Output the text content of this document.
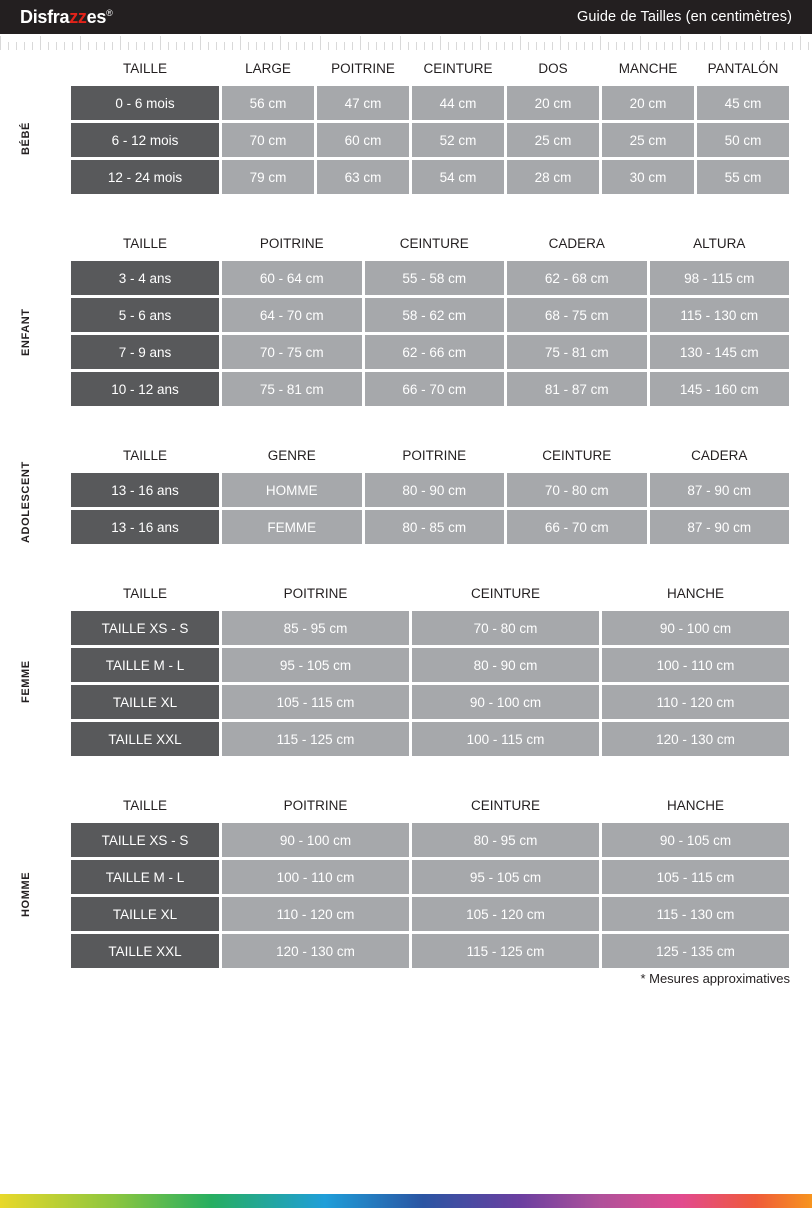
Disfrazzes®	Guide de Tailles (en centimètres)
BÉBÉ
TAILLE	LARGE	POITRINE	CEINTURE	DOS	MANCHE	PANTALÓN
0 - 6 mois	56 cm	47 cm	44 cm	20 cm	20 cm	45 cm
6 - 12 mois	70 cm	60 cm	52 cm	25 cm	25 cm	50 cm
12 - 24 mois	79 cm	63 cm	54 cm	28 cm	30 cm	55 cm
ENFANT
TAILLE	POITRINE	CEINTURE	CADERA	ALTURA
3 - 4 ans	60 - 64 cm	55 - 58 cm	62 - 68 cm	98 - 115 cm
5 - 6 ans	64 - 70 cm	58 - 62 cm	68 - 75 cm	115 - 130 cm
7 - 9 ans	70 - 75 cm	62 - 66 cm	75 - 81 cm	130 - 145 cm
10 - 12 ans	75 - 81 cm	66 - 70 cm	81 - 87 cm	145 - 160 cm
ADOLESCENT
TAILLE	GENRE	POITRINE	CEINTURE	CADERA
13 - 16 ans	HOMME	80 - 90 cm	70 - 80 cm	87 - 90 cm
13 - 16 ans	FEMME	80 - 85 cm	66 - 70 cm	87 - 90 cm
FEMME
TAILLE	POITRINE	CEINTURE	HANCHE
TAILLE XS - S	85 - 95 cm	70 - 80 cm	90 - 100 cm
TAILLE M - L	95 - 105 cm	80 - 90 cm	100 - 110 cm
TAILLE XL	105 - 115 cm	90 - 100 cm	110 - 120 cm
TAILLE XXL	115 - 125 cm	100 - 115 cm	120 - 130 cm
HOMME
TAILLE	POITRINE	CEINTURE	HANCHE
TAILLE XS - S	90 - 100 cm	80 - 95 cm	90 - 105 cm
TAILLE M - L	100 - 110 cm	95 - 105 cm	105 - 115 cm
TAILLE XL	110 - 120 cm	105 - 120 cm	115 - 130 cm
TAILLE XXL	120 - 130 cm	115 - 125 cm	125 - 135 cm
* Mesures approximatives
